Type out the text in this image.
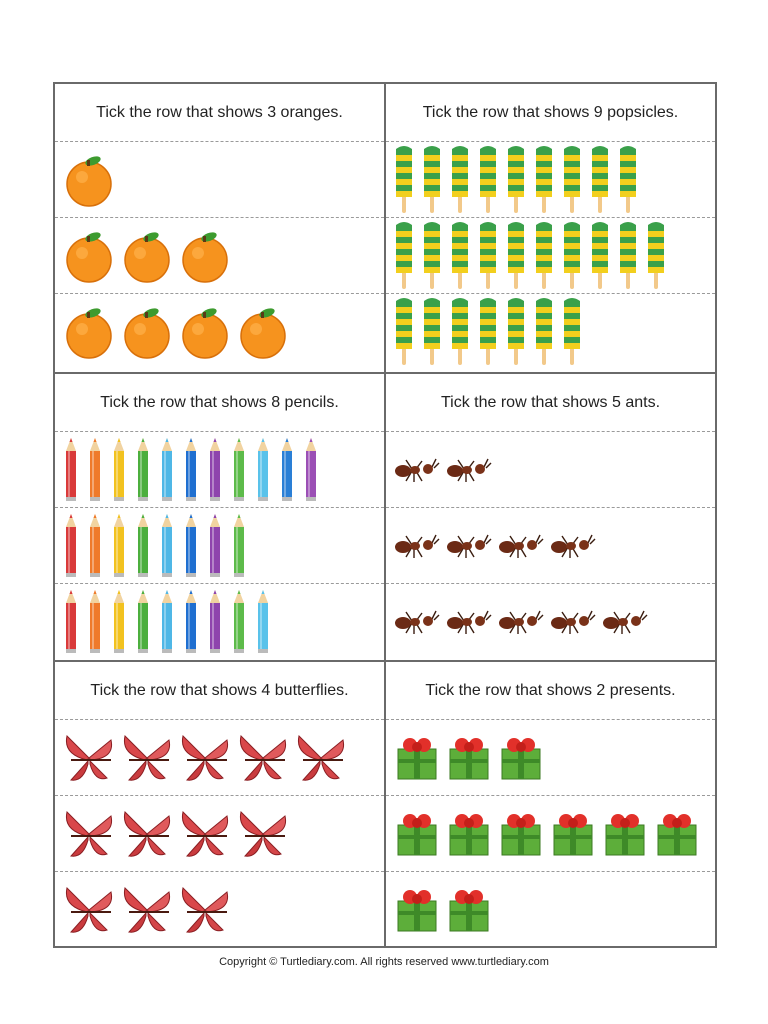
Tick the row that shows 3 oranges.	Tick the row that shows 9 popsicles.
Tick the row that shows 8 pencils.	Tick the row that shows 5 ants.
Tick the row that shows 4 butterflies.	Tick the row that shows 2 presents.
Copyright © Turtlediary.com. All rights reserved www.turtlediary.com
